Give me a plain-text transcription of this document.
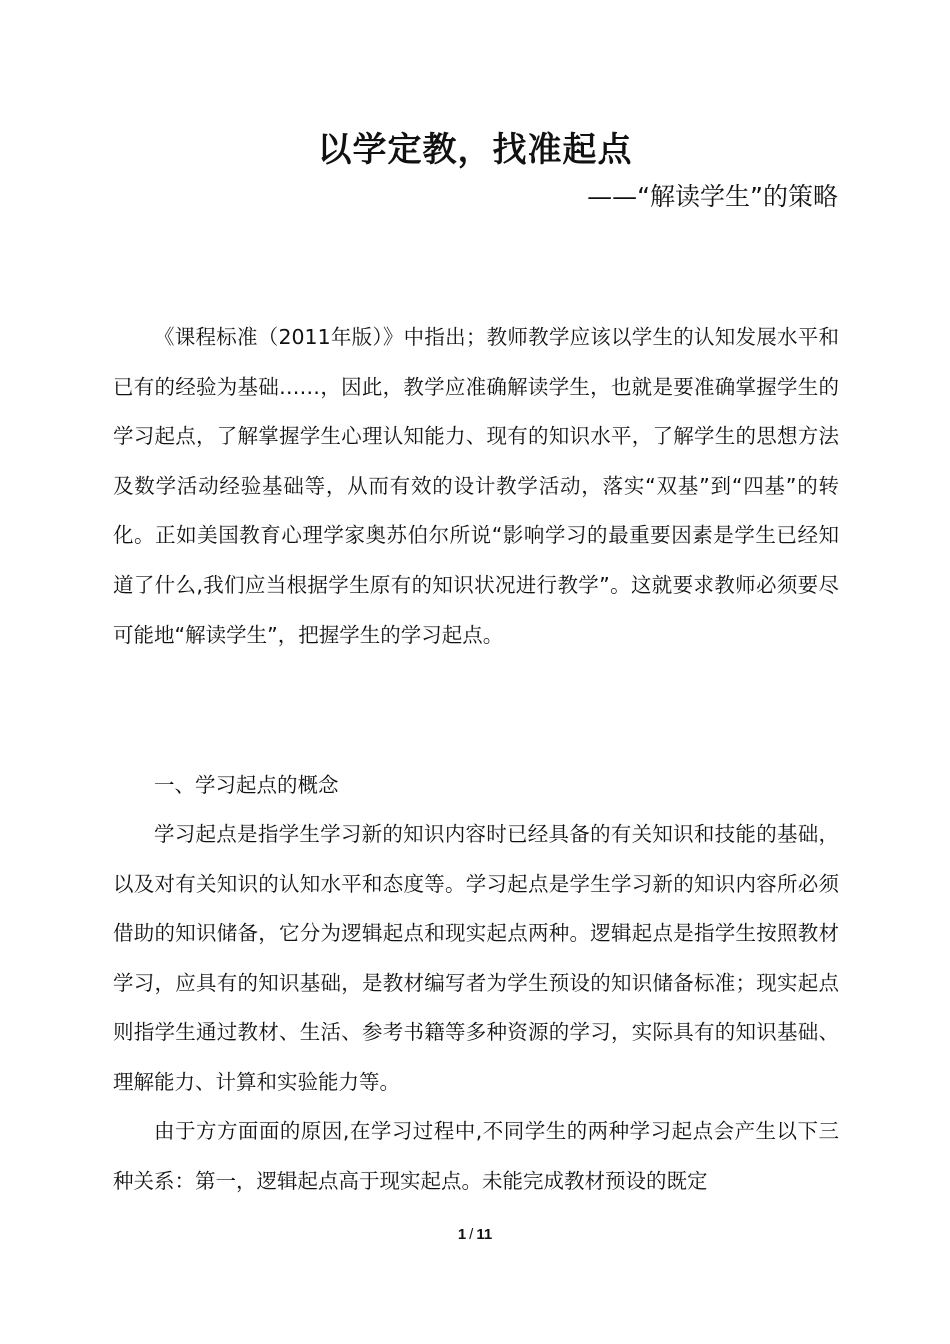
以学定教，找准起点
——“解读学生”的策略

《课程标准（2011年版）》中指出；教师教学应该以学生的认知发展水平和已有的经验为基础……，因此，教学应准确解读学生，也就是要准确掌握学生的学习起点，了解掌握学生心理认知能力、现有的知识水平，了解学生的思想方法及数学活动经验基础等，从而有效的设计教学活动，落实“双基”到“四基”的转化。正如美国教育心理学家奥苏伯尔所说“影响学习的最重要因素是学生已经知道了什么,我们应当根据学生原有的知识状况进行教学”。这就要求教师必须要尽可能地“解读学生”，把握学生的学习起点。

一、学习起点的概念

学习起点是指学生学习新的知识内容时已经具备的有关知识和技能的基础，以及对有关知识的认知水平和态度等。学习起点是学生学习新的知识内容所必须借助的知识储备，它分为逻辑起点和现实起点两种。逻辑起点是指学生按照教材学习，应具有的知识基础，是教材编写者为学生预设的知识储备标准；现实起点则指学生通过教材、生活、参考书籍等多种资源的学习，实际具有的知识基础、理解能力、计算和实验能力等。

由于方方面面的原因,在学习过程中,不同学生的两种学习起点会产生以下三种关系：第一，逻辑起点高于现实起点。未能完成教材预设的既定

1 / 11
